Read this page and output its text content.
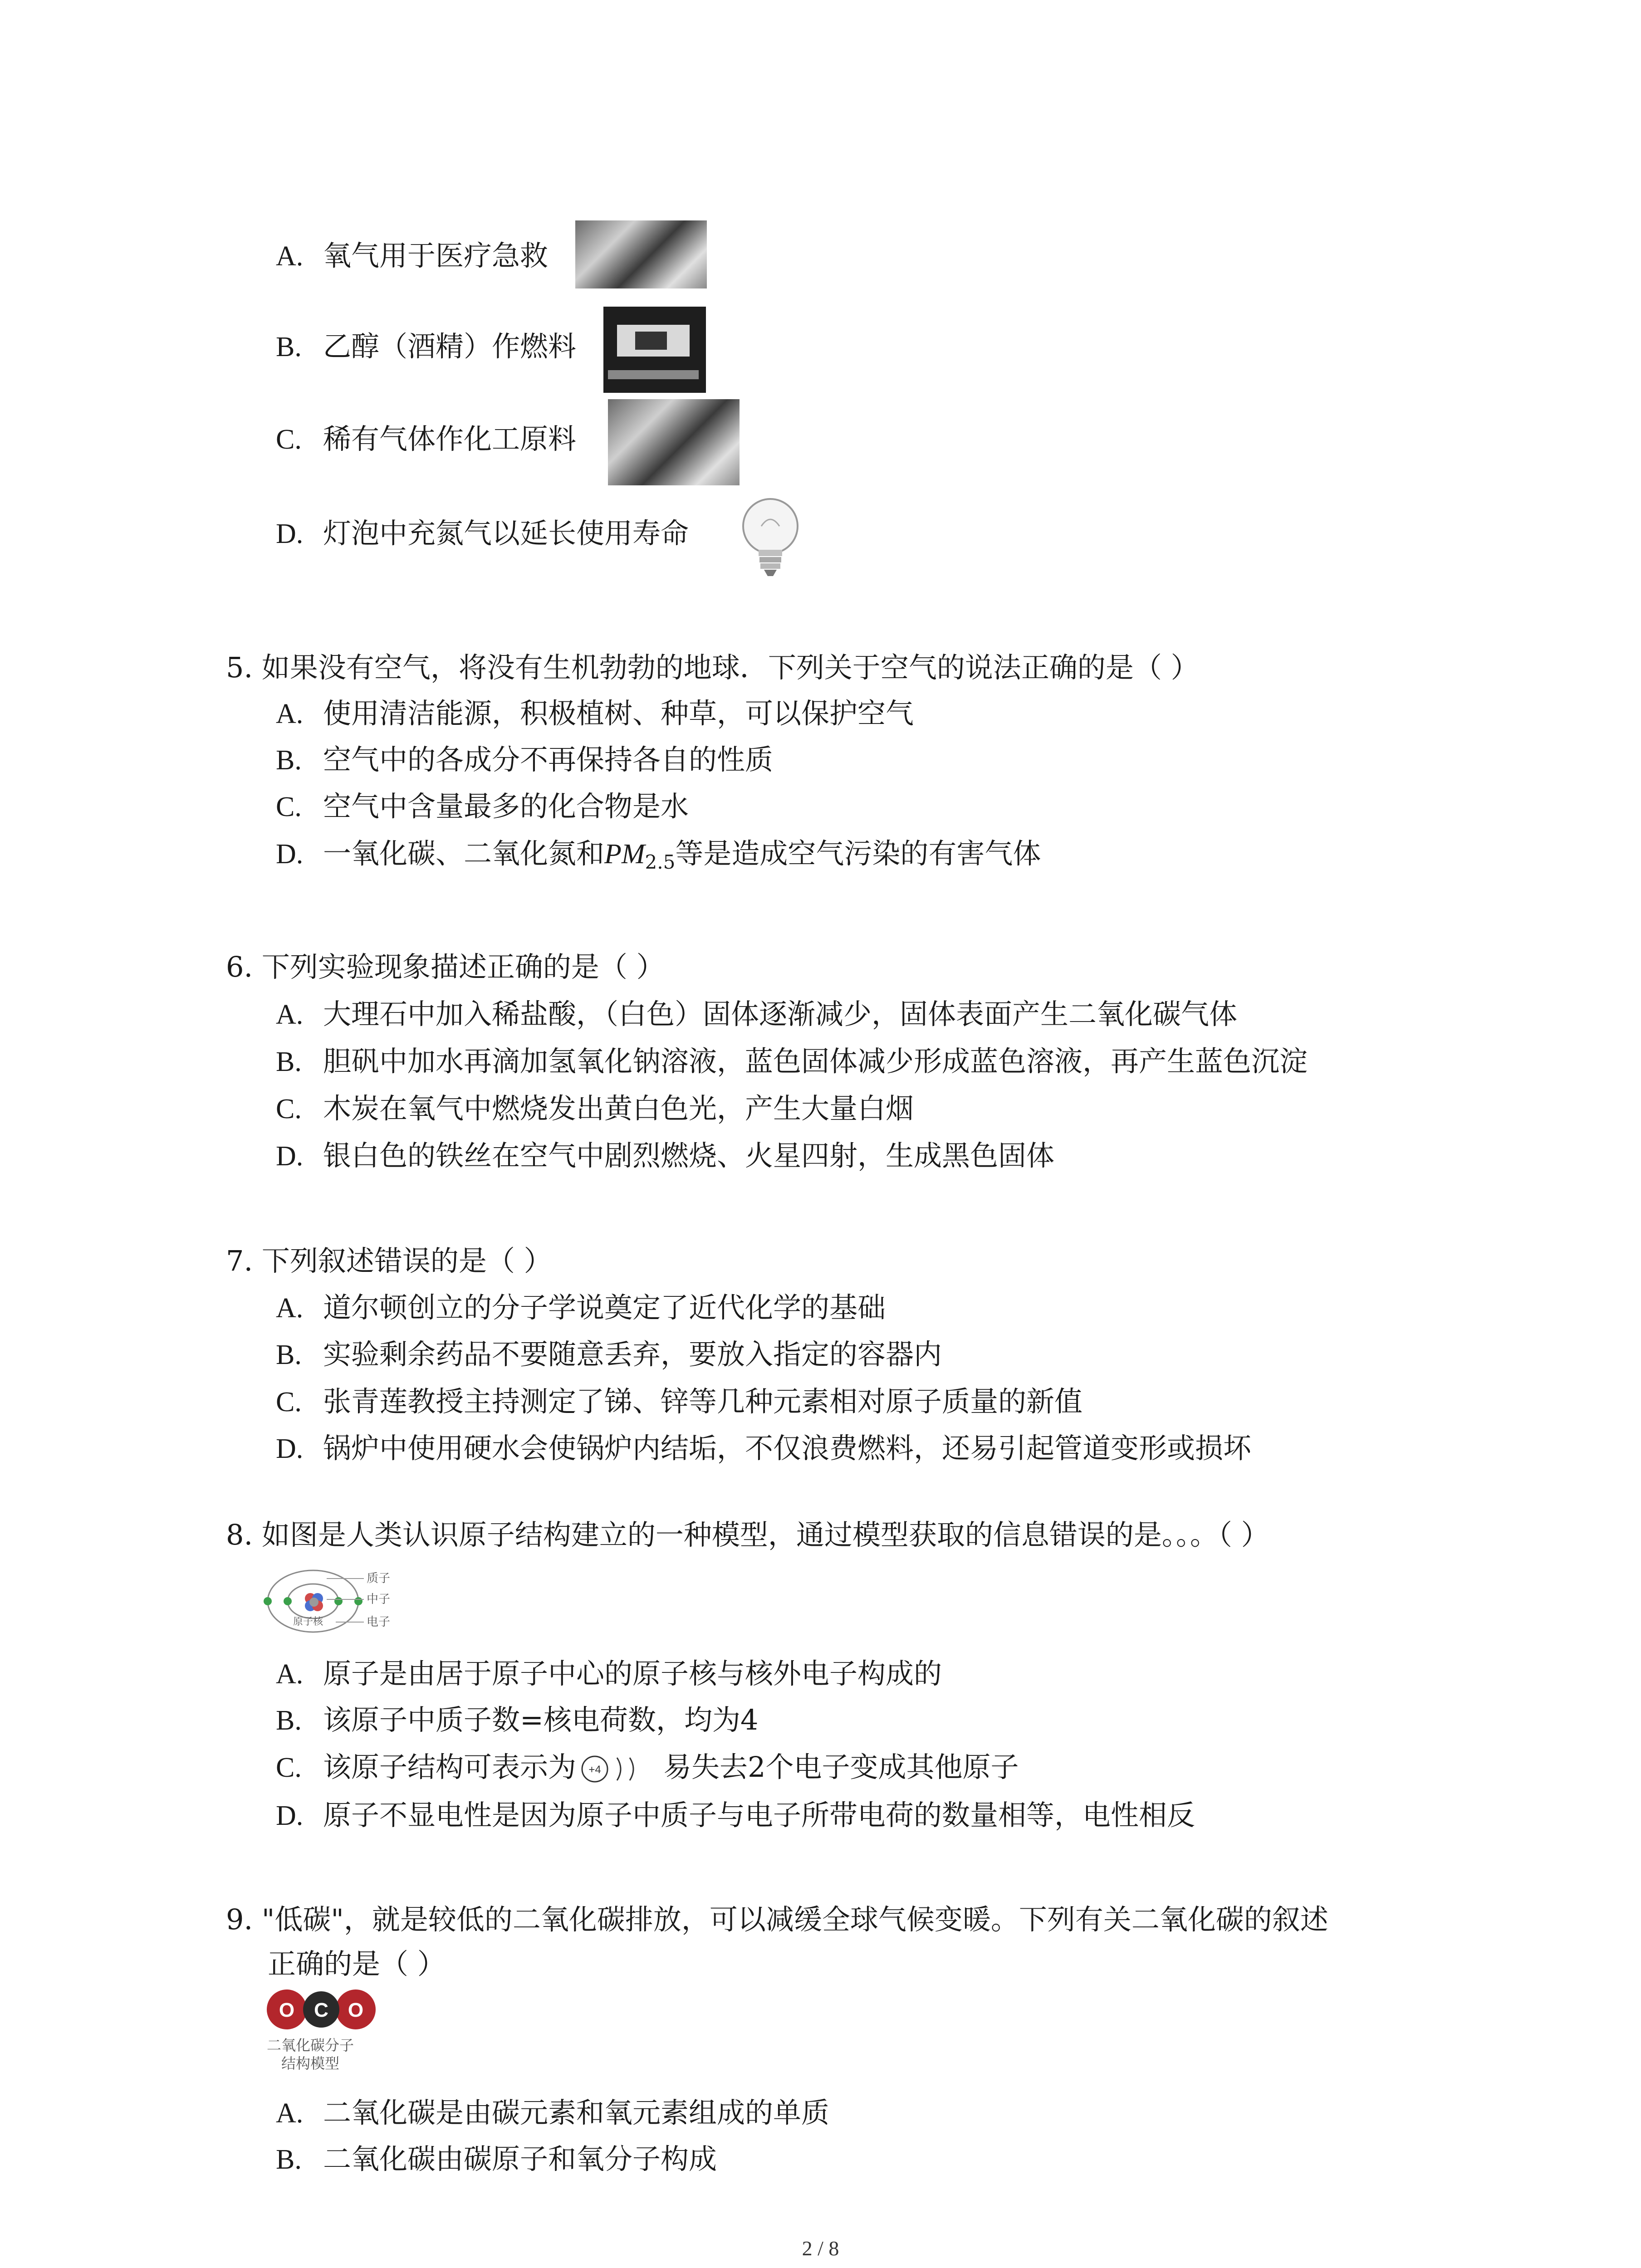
A. 氧气用于医疗急救
B. 乙醇（酒精）作燃料
C. 稀有气体作化工原料
D. 灯泡中充氮气以延长使用寿命
5. 如果没有空气，将没有生机勃勃的地球．下列关于空气的说法正确的是（ ）
A. 使用清洁能源，积极植树、种草，可以保护空气
B. 空气中的各成分不再保持各自的性质
C. 空气中含量最多的化合物是水
D. 一氧化碳、二氧化氮和$PM_{2.5}$等是造成空气污染的有害气体
6. 下列实验现象描述正确的是（ ）
A. 大理石中加入稀盐酸，（白色）固体逐渐减少，固体表面产生二氧化碳气体
B. 胆矾中加水再滴加氢氧化钠溶液，蓝色固体减少形成蓝色溶液，再产生蓝色沉淀
C. 木炭在氧气中燃烧发出黄白色光，产生大量白烟
D. 银白色的铁丝在空气中剧烈燃烧、火星四射，生成黑色固体
7. 下列叙述错误的是（ ）
A. 道尔顿创立的分子学说奠定了近代化学的基础
B. 实验剩余药品不要随意丢弃，要放入指定的容器内
C. 张青莲教授主持测定了锑、锌等几种元素相对原子质量的新值
D. 锅炉中使用硬水会使锅炉内结垢，不仅浪费燃料，还易引起管道变形或损坏
8. 如图是人类认识原子结构建立的一种模型，通过模型获取的信息错误的是。。。（ ）
质子
中子
电子
原子核
A. 原子是由居于原子中心的原子核与核外电子构成的
B. 该原子中质子数=核电荷数，均为4
C. 该原子结构可表示为 +4 易失去2个电子变成其他原子
D. 原子不显电性是因为原子中质子与电子所带电荷的数量相等，电性相反
9. "低碳"，就是较低的二氧化碳排放，可以减缓全球气候变暖。下列有关二氧化碳的叙述
正确的是（ ）
O C O
二氧化碳分子
结构模型
A. 二氧化碳是由碳元素和氧元素组成的单质
B. 二氧化碳由碳原子和氧分子构成
2 / 8
